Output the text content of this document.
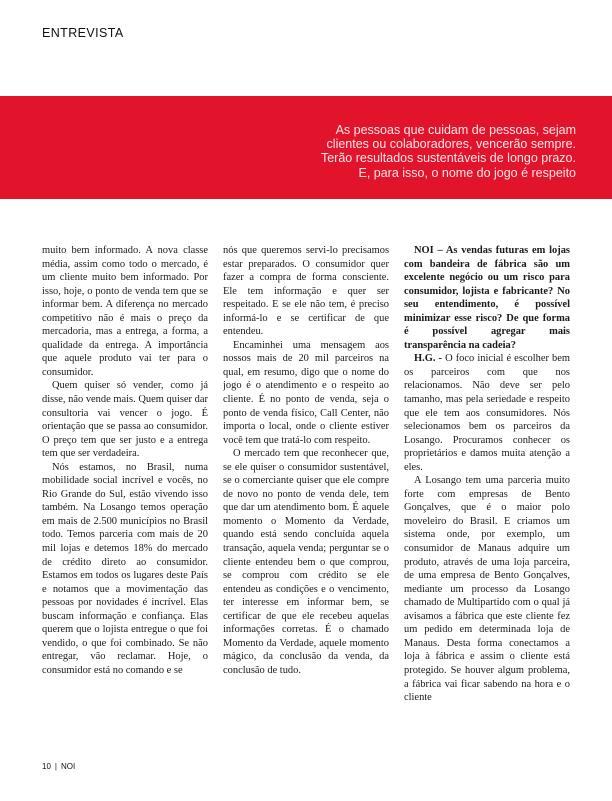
ENTREVISTA
As pessoas que cuidam de pessoas, sejam
clientes ou colaboradores, vencerão sempre.
Terão resultados sustentáveis de longo prazo.
E, para isso, o nome do jogo é respeito

muito bem informado. A nova classe média, assim como todo o mercado, é um cliente muito bem informado. Por isso, hoje, o ponto de venda tem que se informar bem. A diferença no mercado competitivo não é mais o preço da mercadoria, mas a entrega, a forma, a qualidade da entrega. A importância que aquele produto vai ter para o consumidor.

Quem quiser só vender, como já disse, não vende mais. Quem quiser dar consultoria vai vencer o jogo. É orientação que se passa ao consumidor. O preço tem que ser justo e a entrega tem que ser verdadeira.

Nós estamos, no Brasil, numa mobilidade social incrível e vocês, no Rio Grande do Sul, estão vivendo isso também. Na Losango temos operação em mais de 2.500 municípios no Brasil todo. Temos parceria com mais de 20 mil lojas e detemos 18% do mercado de crédito direto ao consumidor. Estamos em todos os lugares deste País e notamos que a movimentação das pessoas por novidades é incrível. Elas buscam informação e confiança. Elas querem que o lojista entregue o que foi vendido, o que foi combinado. Se não entregar, vão reclamar. Hoje, o consumidor está no comando e se

nós que queremos servi-lo precisamos estar preparados. O consumidor quer fazer a compra de forma consciente. Ele tem informação e quer ser respeitado. E se ele não tem, é preciso informá-lo e se certificar de que entendeu.

Encaminhei uma mensagem aos nossos mais de 20 mil parceiros na qual, em resumo, digo que o nome do jogo é o atendimento e o respeito ao cliente. É no ponto de venda, seja o ponto de venda físico, Call Center, não importa o local, onde o cliente estiver você tem que tratá-lo com respeito.

O mercado tem que reconhecer que, se ele quiser o consumidor sustentável, se o comerciante quiser que ele compre de novo no ponto de venda dele, tem que dar um atendimento bom. É aquele momento o Momento da Verdade, quando está sendo concluída aquela transação, aquela venda; perguntar se o cliente entendeu bem o que comprou, se comprou com crédito se ele entendeu as condições e o vencimento, ter interesse em informar bem, se certificar de que ele recebeu aquelas informações corretas. É o chamado Momento da Verdade, aquele momento mágico, da conclusão da venda, da conclusão de tudo.

NOI – As vendas futuras em lojas com bandeira de fábrica são um excelente negócio ou um risco para consumidor, lojista e fabricante? No seu entendimento, é possível minimizar esse risco? De que forma é possível agregar mais transparência na cadeia?

H.G. - O foco inicial é escolher bem os parceiros com que nos relacionamos. Não deve ser pelo tamanho, mas pela seriedade e respeito que ele tem aos consumidores. Nós selecionamos bem os parceiros da Losango. Procuramos conhecer os proprietários e damos muita atenção a eles.

A Losango tem uma parceria muito forte com empresas de Bento Gonçalves, que é o maior polo moveleiro do Brasil. E criamos um sistema onde, por exemplo, um consumidor de Manaus adquire um produto, através de uma loja parceira, de uma empresa de Bento Gonçalves, mediante um processo da Losango chamado de Multipartido com o qual já avisamos a fábrica que este cliente fez um pedido em determinada loja de Manaus. Desta forma conectamos a loja à fábrica e assim o cliente está protegido. Se houver algum problema, a fábrica vai ficar sabendo na hora e o cliente

10 | NOI
